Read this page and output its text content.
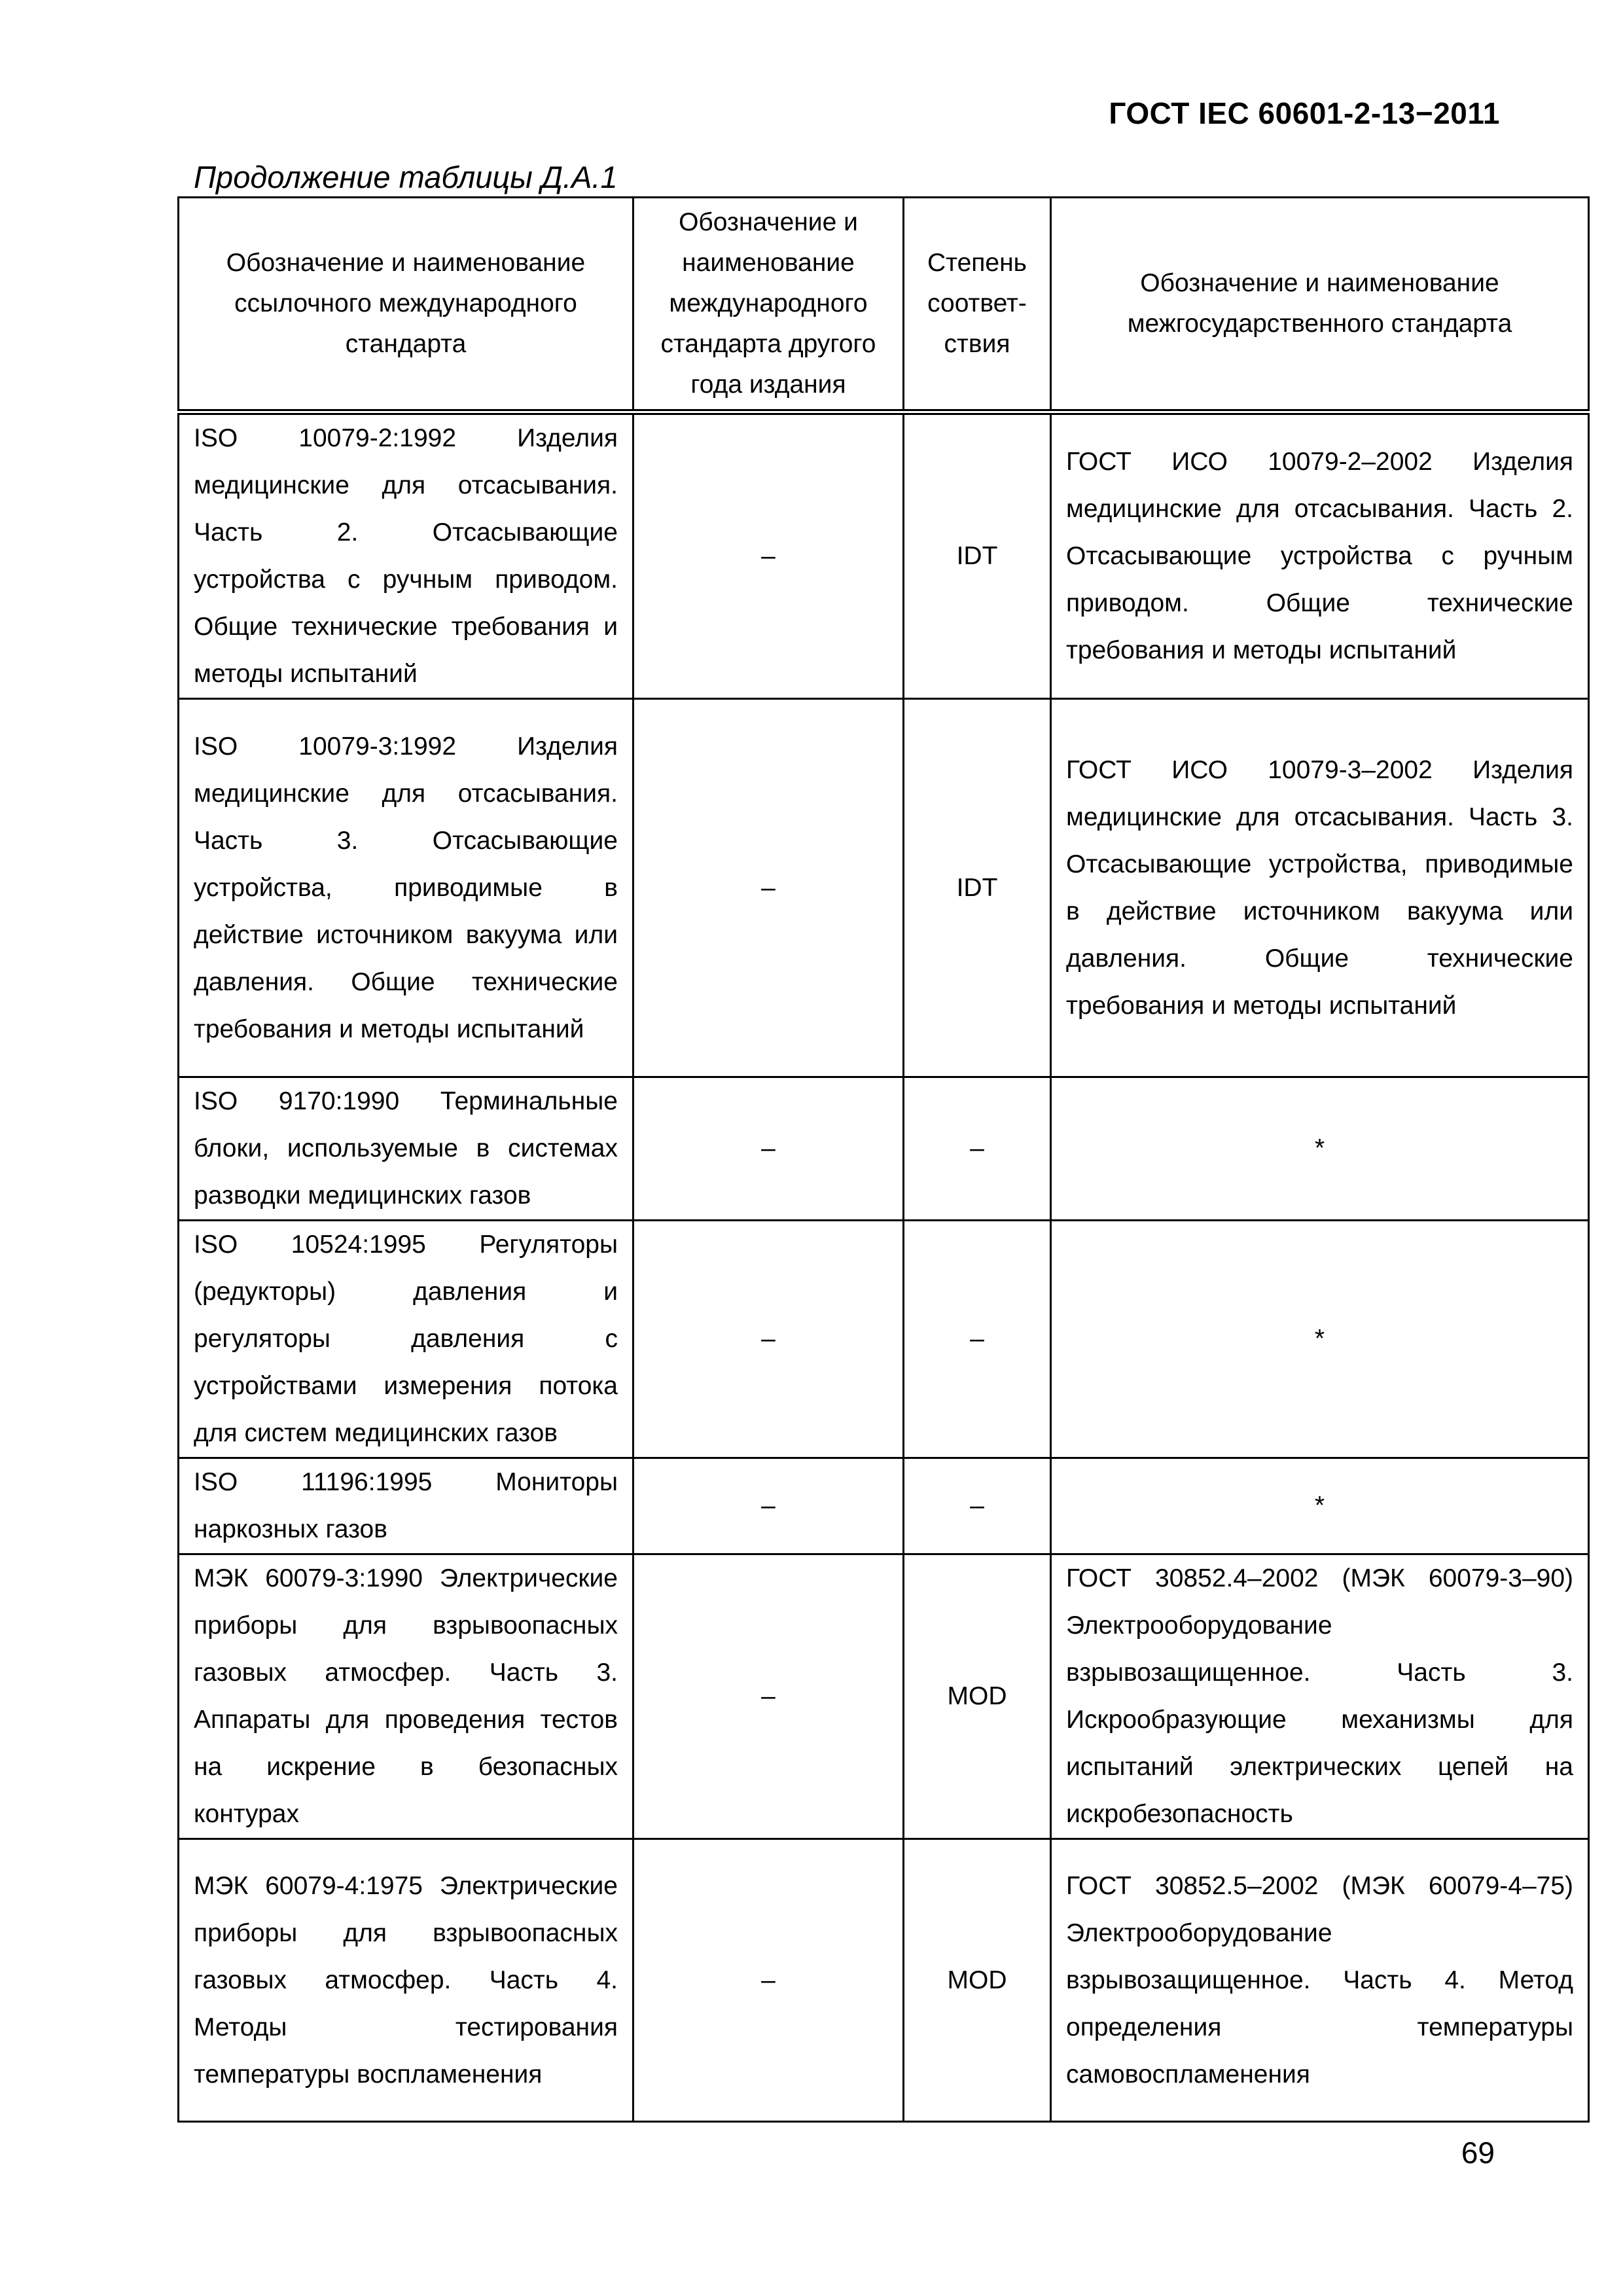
ГОСТ IEC 60601-2-13−2011
Продолжение таблицы Д.А.1
Обозначение и наименование ссылочного международного стандарта	Обозначение и наименование международного стандарта другого года издания	Степень соответ-ствия	Обозначение и наименование межгосударственного стандарта
ISO 10079-2:1992 Изделия медицинские для отсасывания. Часть 2. Отсасывающие устройства с ручным приводом. Общие технические требования и методы испытаний	–	IDT	ГОСТ ИСО 10079-2–2002 Изделия медицинские для отсасывания. Часть 2. Отсасывающие устройства с ручным приводом. Общие технические требования и методы испытаний
ISO 10079-3:1992 Изделия медицинские для отсасывания. Часть 3. Отсасывающие устройства, приводимые в действие источником вакуума или давления. Общие технические требования и методы испытаний	–	IDT	ГОСТ ИСО 10079-3–2002 Изделия медицинские для отсасывания. Часть 3. Отсасывающие устройства, приводимые в действие источником вакуума или давления. Общие технические требования и методы испытаний
ISO 9170:1990 Терминальные блоки, используемые в системах разводки медицинских газов	–	–	*
ISO 10524:1995 Регуляторы (редукторы) давления и регуляторы давления с устройствами измерения потока для систем медицинских газов	–	–	*
ISO 11196:1995 Мониторы наркозных газов	–	–	*
МЭК 60079-3:1990 Электрические приборы для взрывоопасных газовых атмосфер. Часть 3. Аппараты для проведения тестов на искрение в безопасных контурах	–	MOD	ГОСТ 30852.4–2002 (МЭК 60079-3–90) Электрооборудование взрывозащищенное. Часть 3. Искрообразующие механизмы для испытаний электрических цепей на искробезопасность
МЭК 60079-4:1975 Электрические приборы для взрывоопасных газовых атмосфер. Часть 4. Методы тестирования температуры воспламенения	–	MOD	ГОСТ 30852.5–2002 (МЭК 60079-4–75) Электрооборудование взрывозащищенное. Часть 4. Метод определения температуры самовоспламенения
69
